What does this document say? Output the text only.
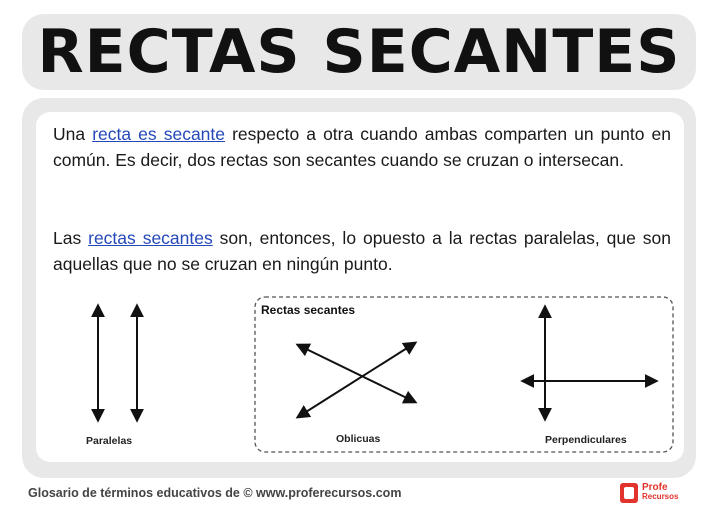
RECTAS SECANTES

Una recta es secante respecto a otra cuando ambas comparten un punto en común. Es decir, dos rectas son secantes cuando se cruzan o intersecan.

Las rectas secantes son, entonces, lo opuesto a la rectas paralelas, que son aquellas que no se cruzan en ningún punto.

Paralelas
Rectas secantes
Oblicuas	Perpendiculares
Glosario de términos educativos de © www.proferecursos.com	Profe
Recursos
